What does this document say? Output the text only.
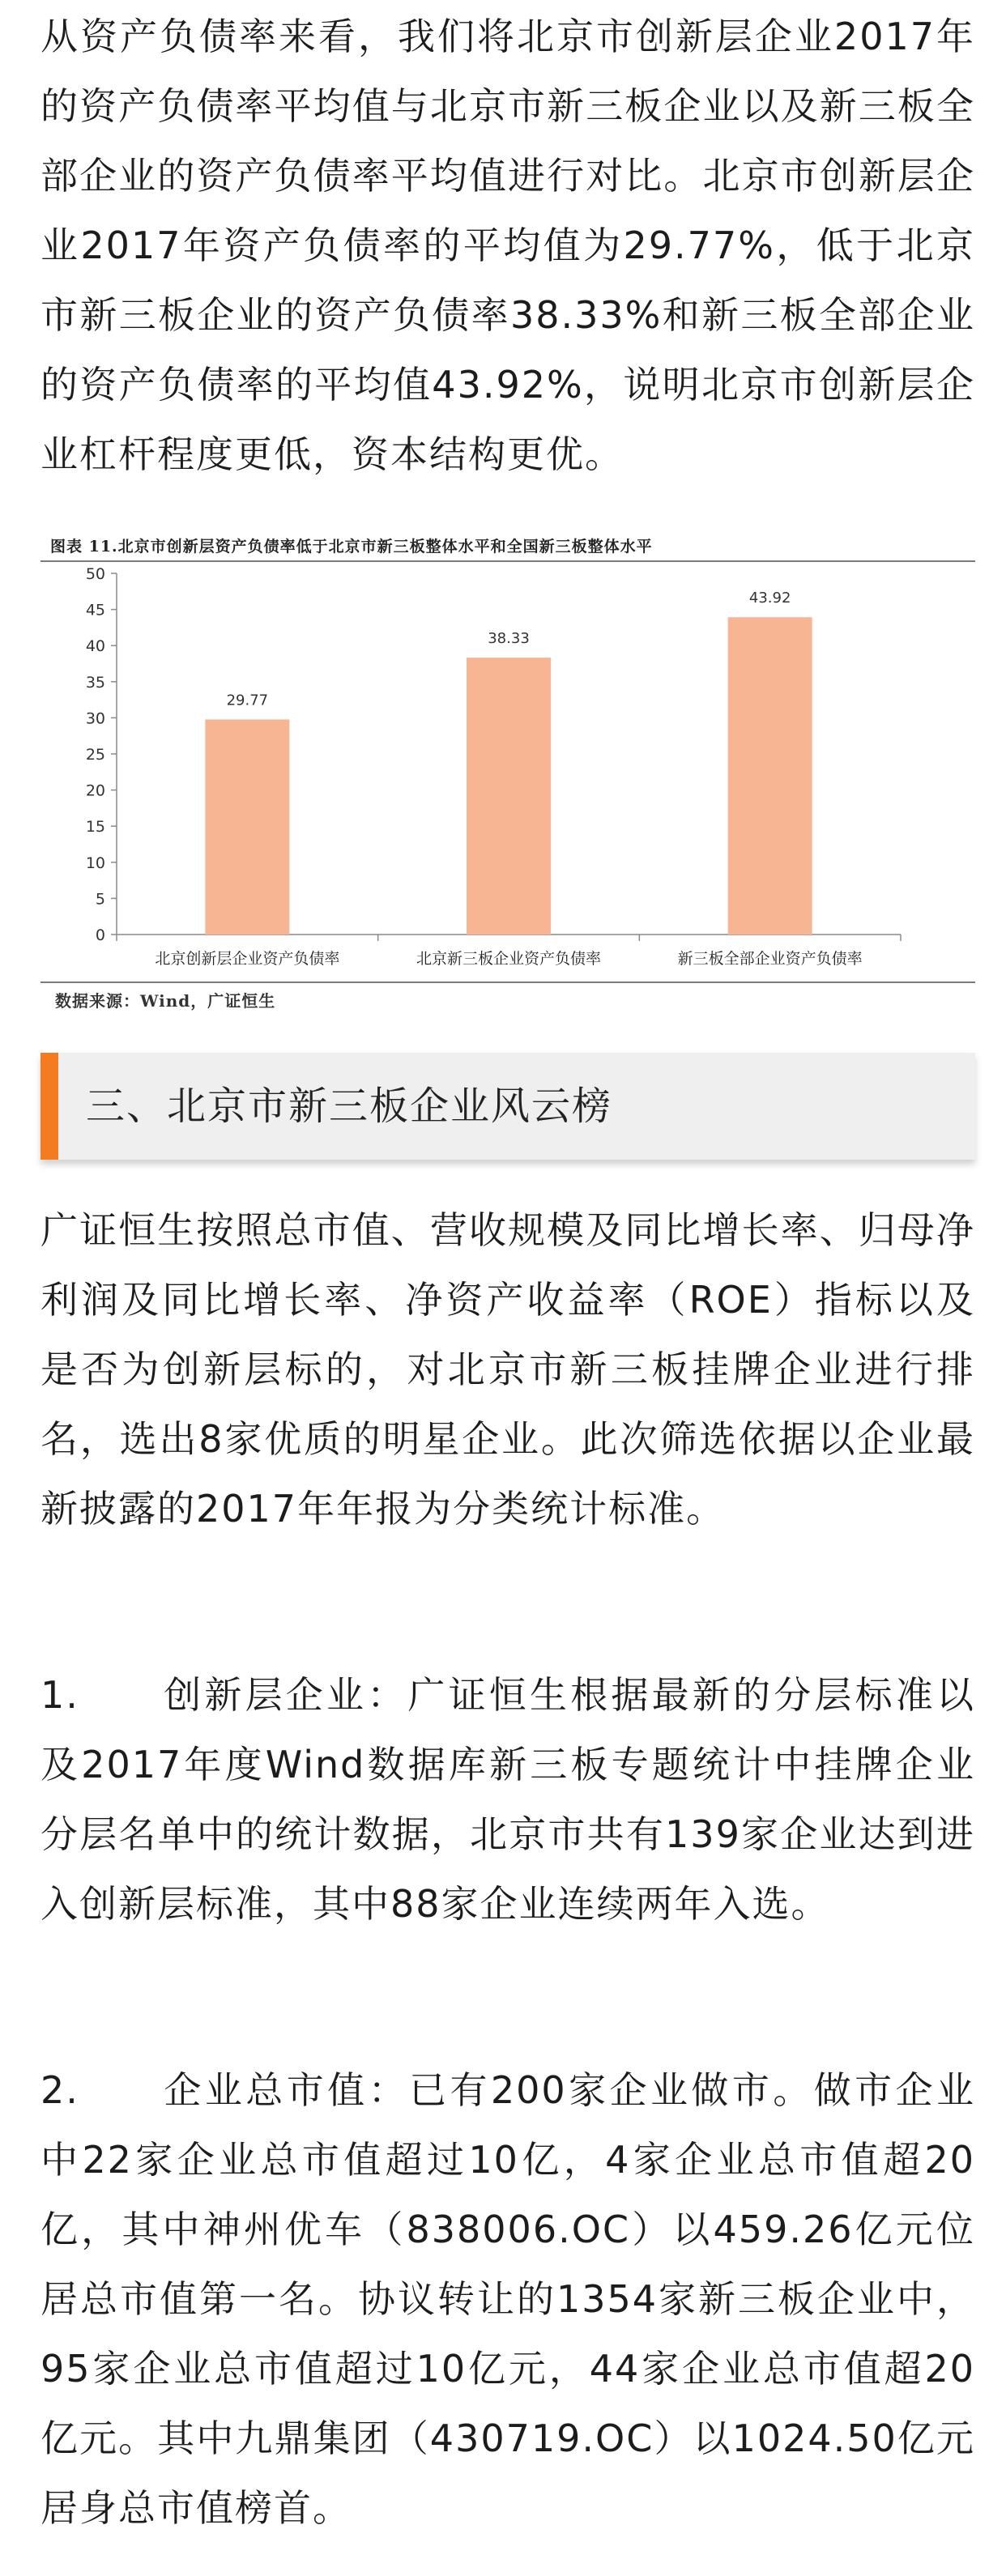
从资产负债率来看，我们将北京市创新层企业2017年的资产负债率平均值与北京市新三板企业以及新三板全部企业的资产负债率平均值进行对比。北京市创新层企业2017年资产负债率的平均值为29.77%，低于北京市新三板企业的资产负债率38.33%和新三板全部企业的资产负债率的平均值43.92%，说明北京市创新层企业杠杆程度更低，资本结构更优。

图表 11.北京市创新层资产负债率低于北京市新三板整体水平和全国新三板整体水平
0
5
10
15
20
25
30
35
40
45
50
北京创新层企业资产负债率	北京新三板企业资产负债率	新三板全部企业资产负债率
29.77
38.33
43.92
数据来源：Wind，广证恒生
三、北京市新三板企业风云榜

广证恒生按照总市值、营收规模及同比增长率、归母净利润及同比增长率、净资产收益率（ROE）指标以及是否为创新层标的，对北京市新三板挂牌企业进行排名，选出8家优质的明星企业。此次筛选依据以企业最新披露的2017年年报为分类统计标准。

1. 创新层企业：广证恒生根据最新的分层标准以及2017年度Wind数据库新三板专题统计中挂牌企业分层名单中的统计数据，北京市共有139家企业达到进入创新层标准，其中88家企业连续两年入选。

2. 企业总市值：已有200家企业做市。做市企业中22家企业总市值超过10亿，4家企业总市值超20亿，其中神州优车（838006.OC）以459.26亿元位居总市值第一名。协议转让的1354家新三板企业中，95家企业总市值超过10亿元，44家企业总市值超20亿元。其中九鼎集团（430719.OC）以1024.50亿元居身总市值榜首。
